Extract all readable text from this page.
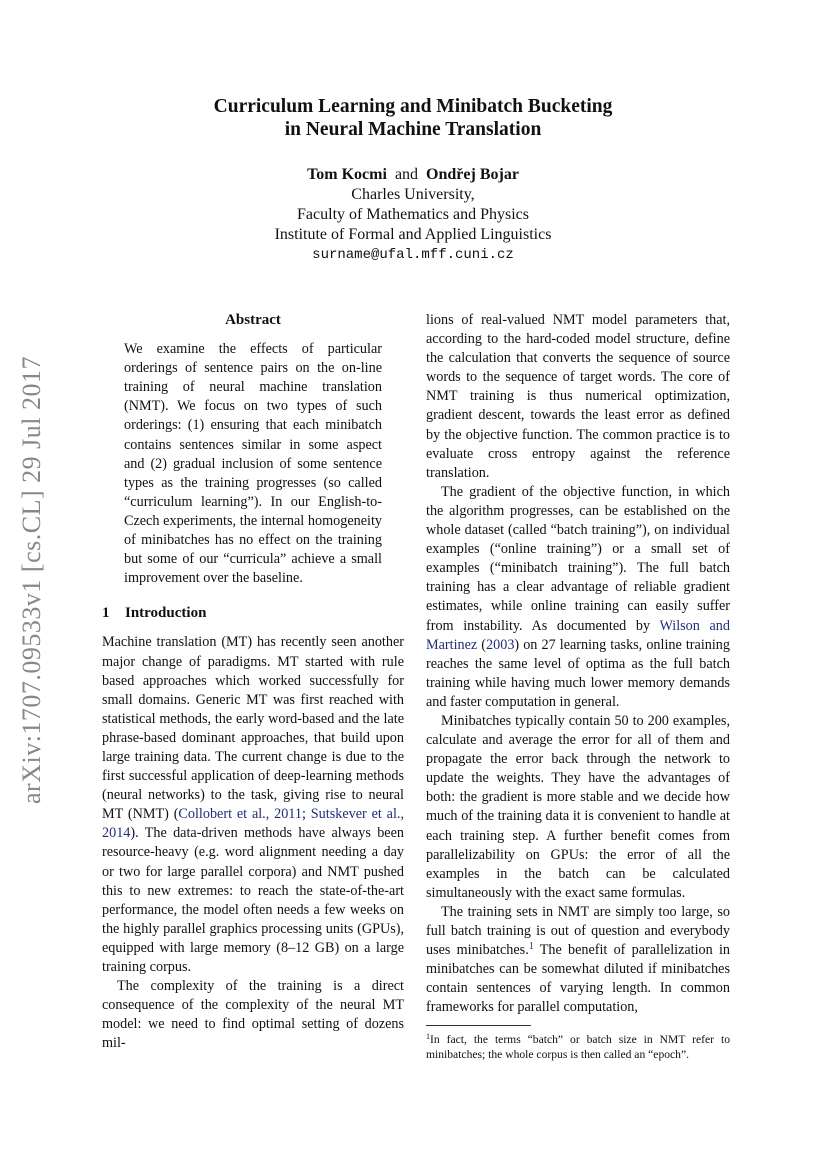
arXiv:1707.09533v1 [cs.CL] 29 Jul 2017
Curriculum Learning and Minibatch Bucketing
in Neural Machine Translation
Tom Kocmi and Ondřej Bojar
Charles University,
Faculty of Mathematics and Physics
Institute of Formal and Applied Linguistics
surname@ufal.mff.cuni.cz
Abstract

We examine the effects of particular orderings of sentence pairs on the on-line training of neural machine translation (NMT). We focus on two types of such orderings: (1) ensuring that each minibatch contains sentences similar in some aspect and (2) gradual inclusion of some sentence types as the training progresses (so called “curriculum learning”). In our English-to-Czech experiments, the internal homogeneity of minibatches has no effect on the training but some of our “curricula” achieve a small improvement over the baseline.

1 Introduction

Machine translation (MT) has recently seen another major change of paradigms. MT started with rule based approaches which worked successfully for small domains. Generic MT was first reached with statistical methods, the early word-based and the late phrase-based dominant approaches, that build upon large training data. The current change is due to the first successful application of deep-learning methods (neural networks) to the task, giving rise to neural MT (NMT) (Collobert et al., 2011; Sutskever et al., 2014). The data-driven methods have always been resource-heavy (e.g. word alignment needing a day or two for large parallel corpora) and NMT pushed this to new extremes: to reach the state-of-the-art performance, the model often needs a few weeks on the highly parallel graphics processing units (GPUs), equipped with large memory (8–12 GB) on a large training corpus.

The complexity of the training is a direct consequence of the complexity of the neural MT model: we need to find optimal setting of dozens mil-

lions of real-valued NMT model parameters that, according to the hard-coded model structure, define the calculation that converts the sequence of source words to the sequence of target words. The core of NMT training is thus numerical optimization, gradient descent, towards the least error as defined by the objective function. The common practice is to evaluate cross entropy against the reference translation.

The gradient of the objective function, in which the algorithm progresses, can be established on the whole dataset (called “batch training”), on individual examples (“online training”) or a small set of examples (“minibatch training”). The full batch training has a clear advantage of reliable gradient estimates, while online training can easily suffer from instability. As documented by Wilson and Martinez (2003) on 27 learning tasks, online training reaches the same level of optima as the full batch training while having much lower memory demands and faster computation in general.

Minibatches typically contain 50 to 200 examples, calculate and average the error for all of them and propagate the error back through the network to update the weights. They have the advantages of both: the gradient is more stable and we decide how much of the training data it is convenient to handle at each training step. A further benefit comes from parallelizability on GPUs: the error of all the examples in the batch can be calculated simultaneously with the exact same formulas.

The training sets in NMT are simply too large, so full batch training is out of question and everybody uses minibatches.$^1$ The benefit of parallelization in minibatches can be somewhat diluted if minibatches contain sentences of varying length. In common frameworks for parallel computation,

$^1$In fact, the terms “batch” or batch size in NMT refer to minibatches; the whole corpus is then called an “epoch”.
